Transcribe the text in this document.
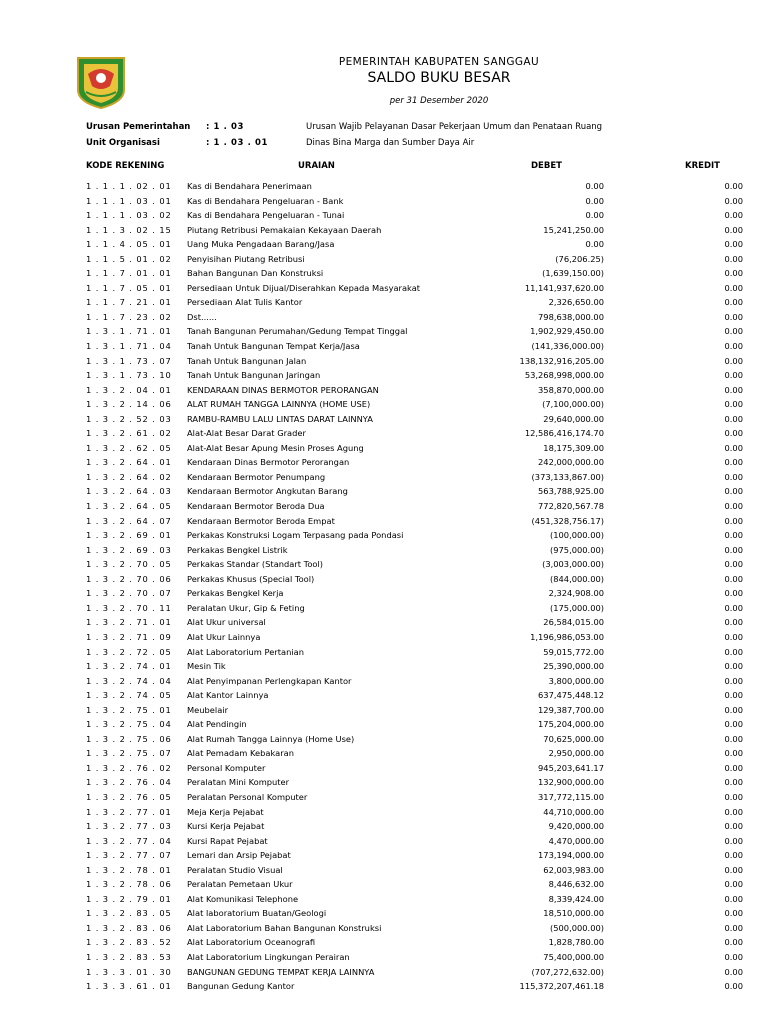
PEMERINTAH KABUPATEN SANGGAU
SALDO BUKU BESAR
per 31 Desember 2020
Urusan Pemerintahan	: 1 . 03	Urusan Wajib Pelayanan Dasar Pekerjaan Umum dan Penataan Ruang
Unit Organisasi	: 1 . 03 . 01	Dinas Bina Marga dan Sumber Daya Air
KODE REKENING	URAIAN	DEBET	KREDIT
1 . 1 . 1 . 02 . 01 Kas di Bendahara Penerimaan	0.00	0.00
1 . 1 . 1 . 03 . 01 Kas di Bendahara Pengeluaran - Bank	0.00	0.00
1 . 1 . 1 . 03 . 02 Kas di Bendahara Pengeluaran - Tunai	0.00	0.00
1 . 1 . 3 . 02 . 15 Piutang Retribusi Pemakaian Kekayaan Daerah	15,241,250.00	0.00
1 . 1 . 4 . 05 . 01 Uang Muka Pengadaan Barang/Jasa	0.00	0.00
1 . 1 . 5 . 01 . 02 Penyisihan Piutang Retribusi	(76,206.25)	0.00
1 . 1 . 7 . 01 . 01 Bahan Bangunan Dan Konstruksi	(1,639,150.00)	0.00
1 . 1 . 7 . 05 . 01 Persediaan Untuk Dijual/Diserahkan Kepada Masyarakat	11,141,937,620.00	0.00
1 . 1 . 7 . 21 . 01 Persediaan Alat Tulis Kantor	2,326,650.00	0.00
1 . 1 . 7 . 23 . 02 Dst......	798,638,000.00	0.00
1 . 3 . 1 . 71 . 01 Tanah Bangunan Perumahan/Gedung Tempat Tinggal	1,902,929,450.00	0.00
1 . 3 . 1 . 71 . 04 Tanah Untuk Bangunan Tempat Kerja/Jasa	(141,336,000.00)	0.00
1 . 3 . 1 . 73 . 07 Tanah Untuk Bangunan Jalan	138,132,916,205.00	0.00
1 . 3 . 1 . 73 . 10 Tanah Untuk Bangunan Jaringan	53,268,998,000.00	0.00
1 . 3 . 2 . 04 . 01 KENDARAAN DINAS BERMOTOR PERORANGAN	358,870,000.00	0.00
1 . 3 . 2 . 14 . 06 ALAT RUMAH TANGGA LAINNYA (HOME USE)	(7,100,000.00)	0.00
1 . 3 . 2 . 52 . 03 RAMBU-RAMBU LALU LINTAS DARAT LAINNYA	29,640,000.00	0.00
1 . 3 . 2 . 61 . 02 Alat-Alat Besar Darat Grader	12,586,416,174.70	0.00
1 . 3 . 2 . 62 . 05 Alat-Alat Besar Apung Mesin Proses Agung	18,175,309.00	0.00
1 . 3 . 2 . 64 . 01 Kendaraan Dinas Bermotor Perorangan	242,000,000.00	0.00
1 . 3 . 2 . 64 . 02 Kendaraan Bermotor Penumpang	(373,133,867.00)	0.00
1 . 3 . 2 . 64 . 03 Kendaraan Bermotor Angkutan Barang	563,788,925.00	0.00
1 . 3 . 2 . 64 . 05 Kendaraan Bermotor Beroda Dua	772,820,567.78	0.00
1 . 3 . 2 . 64 . 07 Kendaraan Bermotor Beroda Empat	(451,328,756.17)	0.00
1 . 3 . 2 . 69 . 01 Perkakas Konstruksi Logam Terpasang pada Pondasi	(100,000.00)	0.00
1 . 3 . 2 . 69 . 03 Perkakas Bengkel Listrik	(975,000.00)	0.00
1 . 3 . 2 . 70 . 05 Perkakas Standar (Standart Tool)	(3,003,000.00)	0.00
1 . 3 . 2 . 70 . 06 Perkakas Khusus (Special Tool)	(844,000.00)	0.00
1 . 3 . 2 . 70 . 07 Perkakas Bengkel Kerja	2,324,908.00	0.00
1 . 3 . 2 . 70 . 11 Peralatan Ukur, Gip & Feting	(175,000.00)	0.00
1 . 3 . 2 . 71 . 01 Alat Ukur universal	26,584,015.00	0.00
1 . 3 . 2 . 71 . 09 Alat Ukur Lainnya	1,196,986,053.00	0.00
1 . 3 . 2 . 72 . 05 Alat Laboratorium Pertanian	59,015,772.00	0.00
1 . 3 . 2 . 74 . 01 Mesin Tik	25,390,000.00	0.00
1 . 3 . 2 . 74 . 04 Alat Penyimpanan Perlengkapan Kantor	3,800,000.00	0.00
1 . 3 . 2 . 74 . 05 Alat Kantor Lainnya	637,475,448.12	0.00
1 . 3 . 2 . 75 . 01 Meubelair	129,387,700.00	0.00
1 . 3 . 2 . 75 . 04 Alat Pendingin	175,204,000.00	0.00
1 . 3 . 2 . 75 . 06 Alat Rumah Tangga Lainnya (Home Use)	70,625,000.00	0.00
1 . 3 . 2 . 75 . 07 Alat Pemadam Kebakaran	2,950,000.00	0.00
1 . 3 . 2 . 76 . 02 Personal Komputer	945,203,641.17	0.00
1 . 3 . 2 . 76 . 04 Peralatan Mini Komputer	132,900,000.00	0.00
1 . 3 . 2 . 76 . 05 Peralatan Personal Komputer	317,772,115.00	0.00
1 . 3 . 2 . 77 . 01 Meja Kerja Pejabat	44,710,000.00	0.00
1 . 3 . 2 . 77 . 03 Kursi Kerja Pejabat	9,420,000.00	0.00
1 . 3 . 2 . 77 . 04 Kursi Rapat Pejabat	4,470,000.00	0.00
1 . 3 . 2 . 77 . 07 Lemari dan Arsip Pejabat	173,194,000.00	0.00
1 . 3 . 2 . 78 . 01 Peralatan Studio Visual	62,003,983.00	0.00
1 . 3 . 2 . 78 . 06 Peralatan Pemetaan Ukur	8,446,632.00	0.00
1 . 3 . 2 . 79 . 01 Alat Komunikasi Telephone	8,339,424.00	0.00
1 . 3 . 2 . 83 . 05 Alat laboratorium Buatan/Geologi	18,510,000.00	0.00
1 . 3 . 2 . 83 . 06 Alat Laboratorium Bahan Bangunan Konstruksi	(500,000.00)	0.00
1 . 3 . 2 . 83 . 52 Alat Laboratorium Oceanografi	1,828,780.00	0.00
1 . 3 . 2 . 83 . 53 Alat Laboratorium Lingkungan Perairan	75,400,000.00	0.00
1 . 3 . 3 . 01 . 30 BANGUNAN GEDUNG TEMPAT KERJA LAINNYA	(707,272,632.00)	0.00
1 . 3 . 3 . 61 . 01 Bangunan Gedung Kantor	115,372,207,461.18	0.00
